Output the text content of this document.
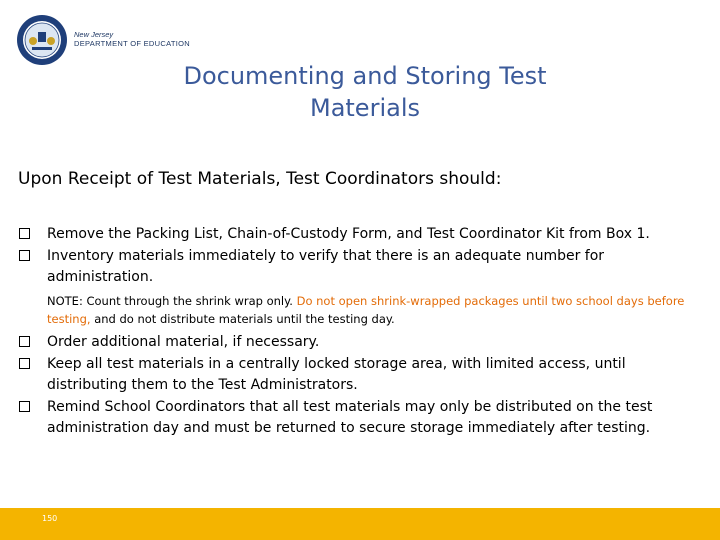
New Jersey
DEPARTMENT OF EDUCATION
Documenting and Storing Test Materials
Upon Receipt of Test Materials, Test Coordinators should:
Remove the Packing List, Chain-of-Custody Form, and Test Coordinator Kit from Box 1.
Inventory materials immediately to verify that there is an adequate number for administration.
NOTE: Count through the shrink wrap only. Do not open shrink-wrapped packages until two school days before testing, and do not distribute materials until the testing day.
Order additional material, if necessary.
Keep all test materials in a centrally locked storage area, with limited access, until distributing them to the Test Administrators.
Remind School Coordinators that all test materials may only be distributed on the test administration day and must be returned to secure storage immediately after testing.
150
